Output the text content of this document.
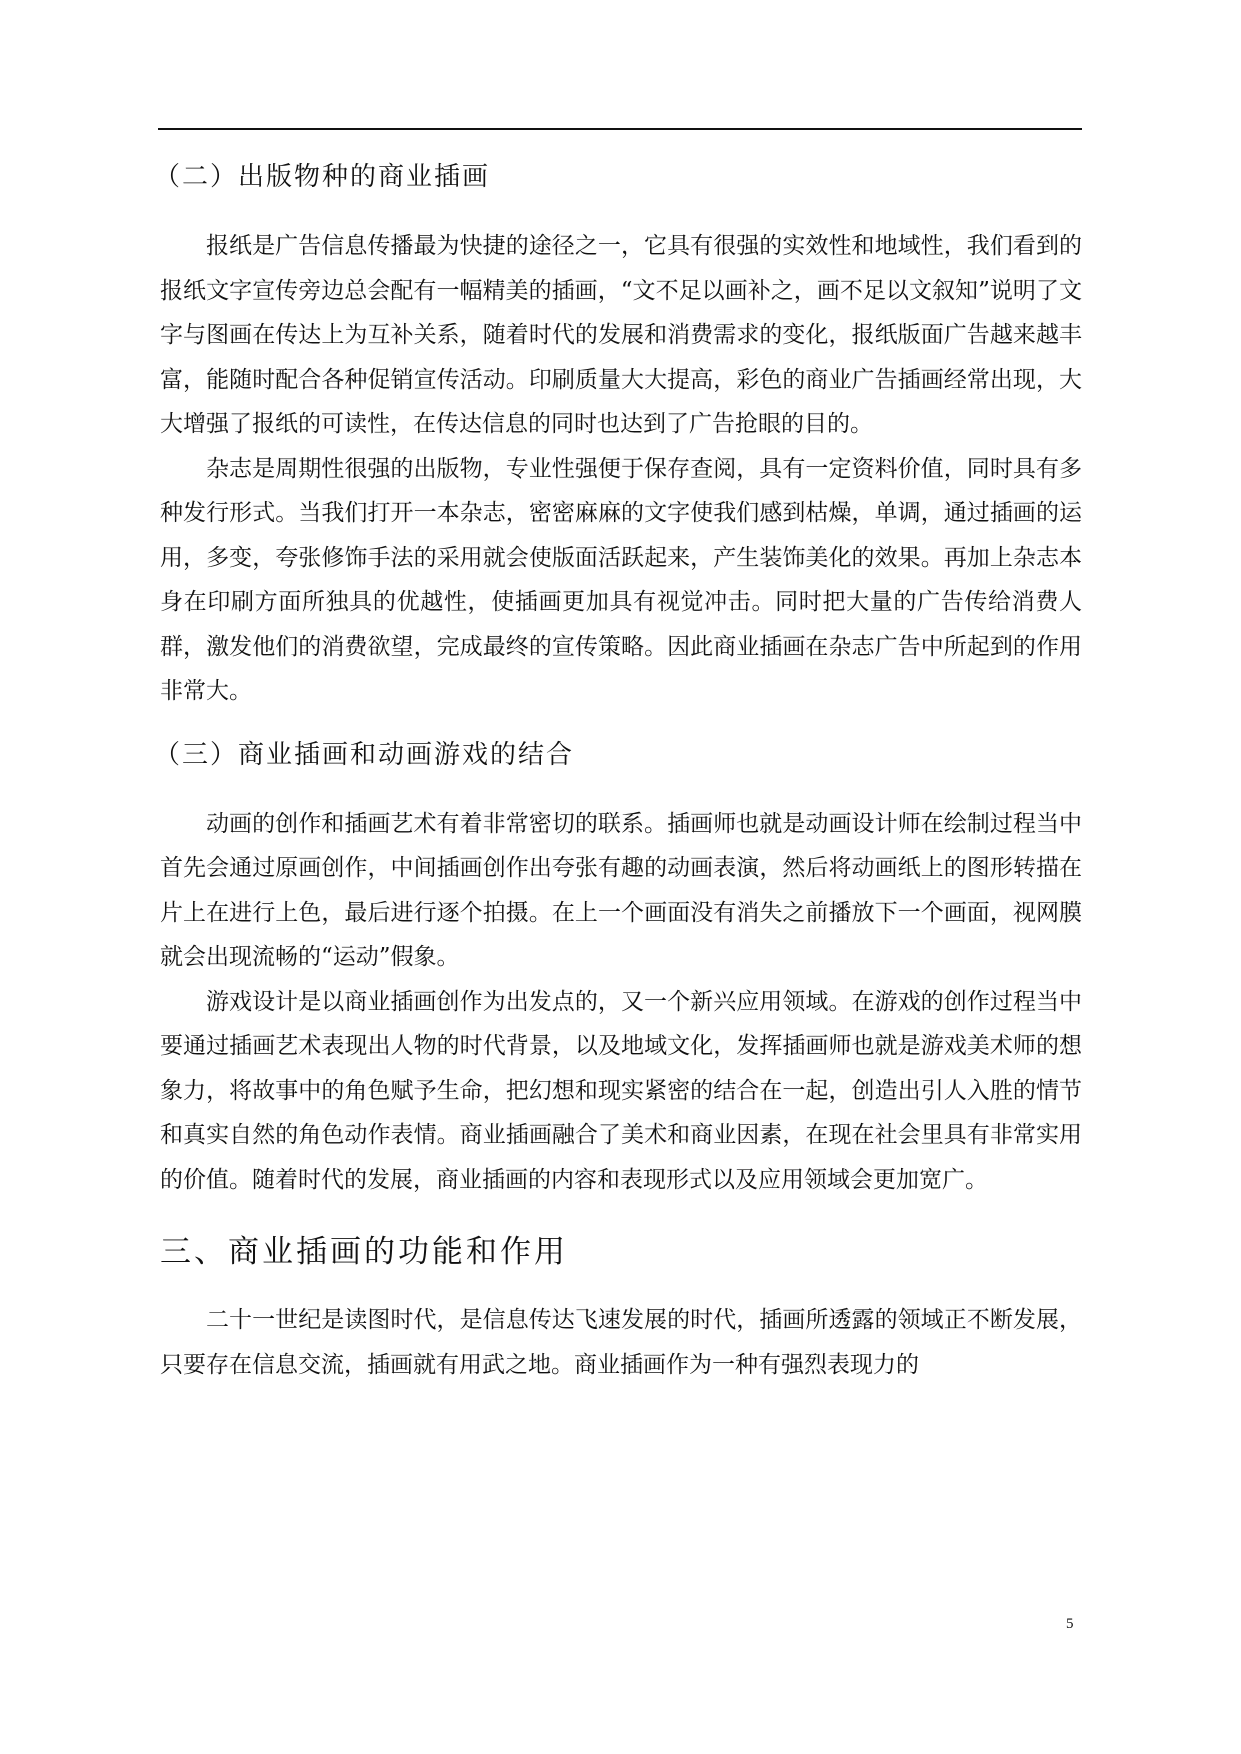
（二）出版物种的商业插画

报纸是广告信息传播最为快捷的途径之一，它具有很强的实效性和地域性，我们看到的报纸文字宣传旁边总会配有一幅精美的插画，“文不足以画补之，画不足以文叙知”说明了文字与图画在传达上为互补关系，随着时代的发展和消费需求的变化，报纸版面广告越来越丰富，能随时配合各种促销宣传活动。印刷质量大大提高，彩色的商业广告插画经常出现，大大增强了报纸的可读性，在传达信息的同时也达到了广告抢眼的目的。

杂志是周期性很强的出版物，专业性强便于保存查阅，具有一定资料价值，同时具有多种发行形式。当我们打开一本杂志，密密麻麻的文字使我们感到枯燥，单调，通过插画的运用，多变，夸张修饰手法的采用就会使版面活跃起来，产生装饰美化的效果。再加上杂志本身在印刷方面所独具的优越性，使插画更加具有视觉冲击。同时把大量的广告传给消费人群，激发他们的消费欲望，完成最终的宣传策略。因此商业插画在杂志广告中所起到的作用非常大。

（三）商业插画和动画游戏的结合

动画的创作和插画艺术有着非常密切的联系。插画师也就是动画设计师在绘制过程当中首先会通过原画创作，中间插画创作出夸张有趣的动画表演，然后将动画纸上的图形转描在片上在进行上色，最后进行逐个拍摄。在上一个画面没有消失之前播放下一个画面，视网膜就会出现流畅的“运动”假象。

游戏设计是以商业插画创作为出发点的，又一个新兴应用领域。在游戏的创作过程当中要通过插画艺术表现出人物的时代背景，以及地域文化，发挥插画师也就是游戏美术师的想象力，将故事中的角色赋予生命，把幻想和现实紧密的结合在一起，创造出引人入胜的情节和真实自然的角色动作表情。商业插画融合了美术和商业因素，在现在社会里具有非常实用的价值。随着时代的发展，商业插画的内容和表现形式以及应用领域会更加宽广。

三、商业插画的功能和作用

二十一世纪是读图时代，是信息传达飞速发展的时代，插画所透露的领域正不断发展，只要存在信息交流，插画就有用武之地。商业插画作为一种有强烈表现力的

5
